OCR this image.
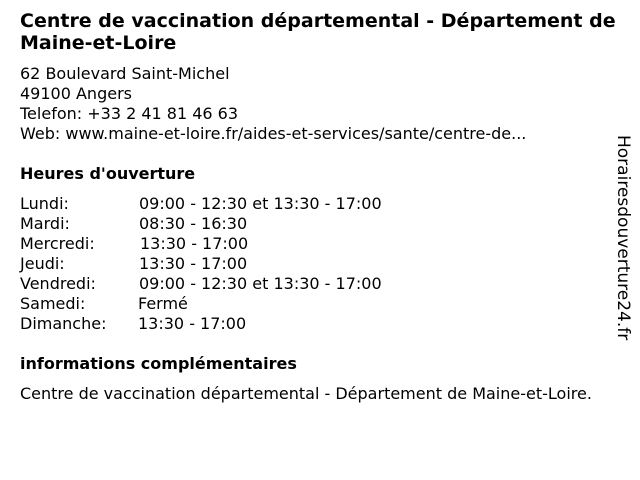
Centre de vaccination départemental - Département de Maine-et-Loire
62 Boulevard Saint-Michel
49100 Angers
Telefon: +33 2 41 81 46 63
Web: www.maine-et-loire.fr/aides-et-services/sante/centre-de...
Heures d'ouverture
Lundi:	09:00 - 12:30 et 13:30 - 17:00
Mardi:	08:30 - 16:30
Mercredi:	13:30 - 17:00
Jeudi:	13:30 - 17:00
Vendredi:	09:00 - 12:30 et 13:30 - 17:00
Samedi:	Fermé
Dimanche: 13:30 - 17:00
informations complémentaires
Centre de vaccination départemental - Département de Maine-et-Loire.
Horairesdouverture24.fr
